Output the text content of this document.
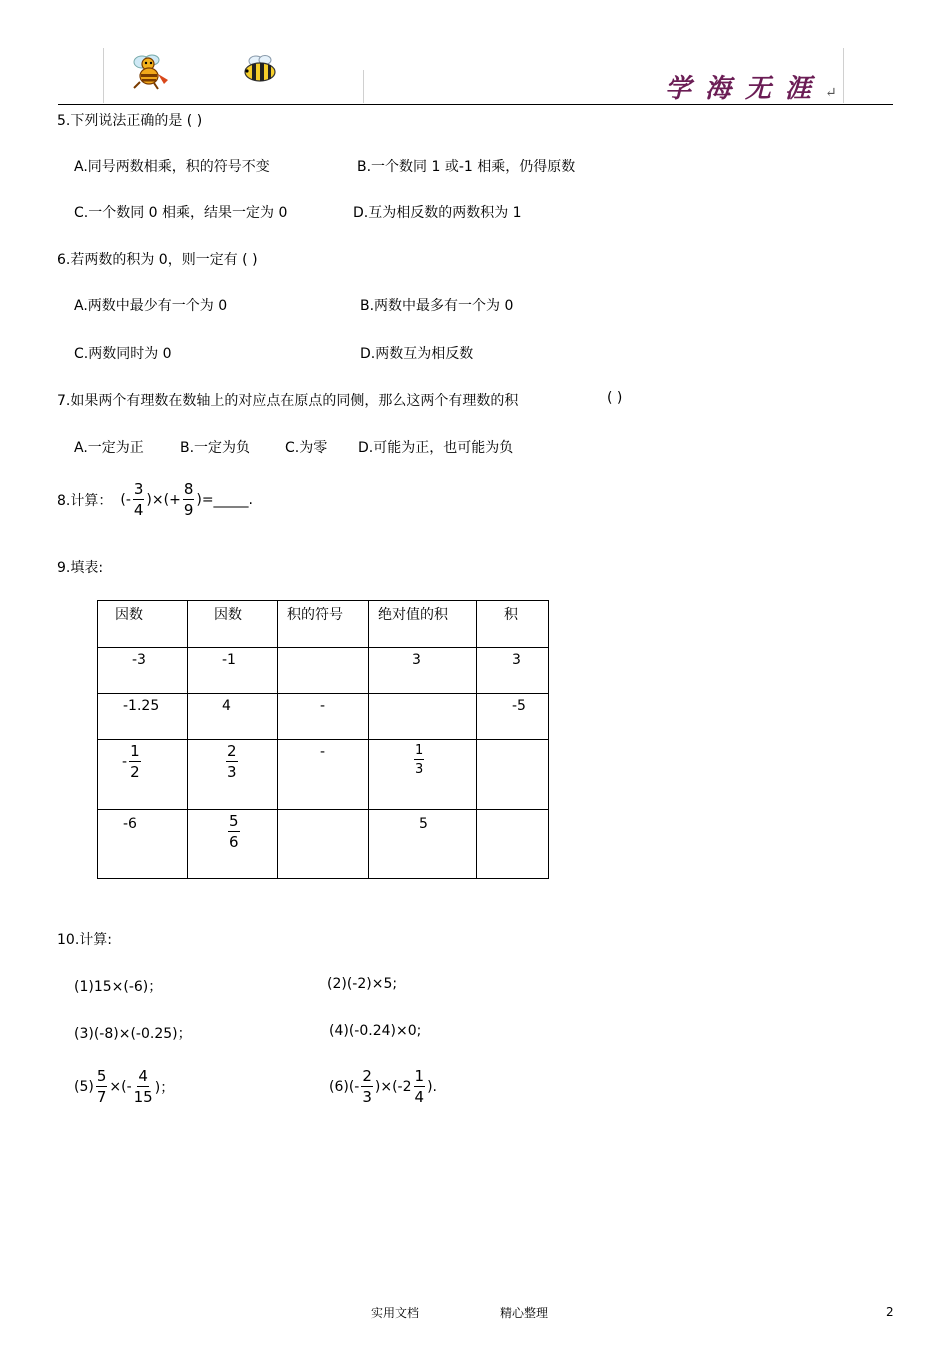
学海无涯↵
5.下列说法正确的是 ( )
A.同号两数相乘，积的符号不变	B.一个数同 1 或-1 相乘，仍得原数
C.一个数同 0 相乘，结果一定为 0	D.互为相反数的两数积为 1
6.若两数的积为 0，则一定有 ( )
A.两数中最少有一个为 0	B.两数中最多有一个为 0
C.两数同时为 0	D.两数互为相反数
7.如果两个有理数在数轴上的对应点在原点的同侧，那么这两个有理数的积	( )
A.一定为正	B.一定为负 C.为零 D.可能为正，也可能为负
8.计算： (- $\frac{3}{4}$ )×(+ $\frac{8}{9}$ )=_____.
9.填表:
因数	因数	积的符号	绝对值的积	积

-3	-1		3	3

-1.25	4	-		-5

- $\frac{1}{2}$	$\frac{2}{3}$	-	$\frac{1}{3}$

-6	$\frac{5}{6}$		5	

10.计算:
(1)15×(-6)；	(2)(-2)×5;
(3)(-8)×(-0.25)；	(4)(-0.24)×0;
$(5) \frac{5}{7}$ ×(- $\frac{4}{15}$ )；	$(6)(- \frac{2}{3} )\times(-2 \frac{1}{4}$ ).
实用文档	精心整理	2
